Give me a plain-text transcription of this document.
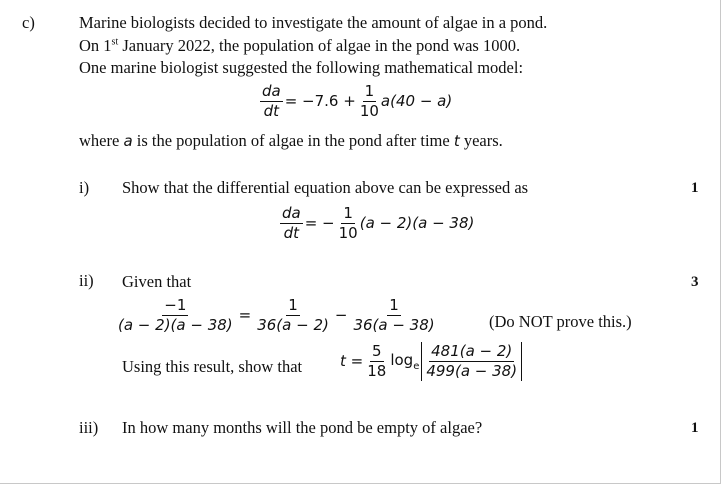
c)	Marine biologists decided to investigate the amount of algae in a pond.
On 1st January 2022, the population of algae in the pond was 1000.
One marine biologist suggested the following mathematical model:
$\frac{da}{dt} = -7.6 + \frac{1}{10} a(40 - a)$
where a is the population of algae in the pond after time t years.
i) Show that the differential equation above can be expressed as	1
$\frac{da}{dt}$ = − $\frac{1}{10} (a - 2)(a - 38)$
ii) Given that	3
$\frac{-1}{(a - 2)(a - 38)} = \frac{1}{36(a - 2)} - \frac{1}{36(a - 38)}$	(Do NOT prove this.)
Using this result, show that	$t = \frac{5}{18} \log_e \frac{481(a - 2)}{499(a - 38)}$
iii) In how many months will the pond be empty of algae?	1
